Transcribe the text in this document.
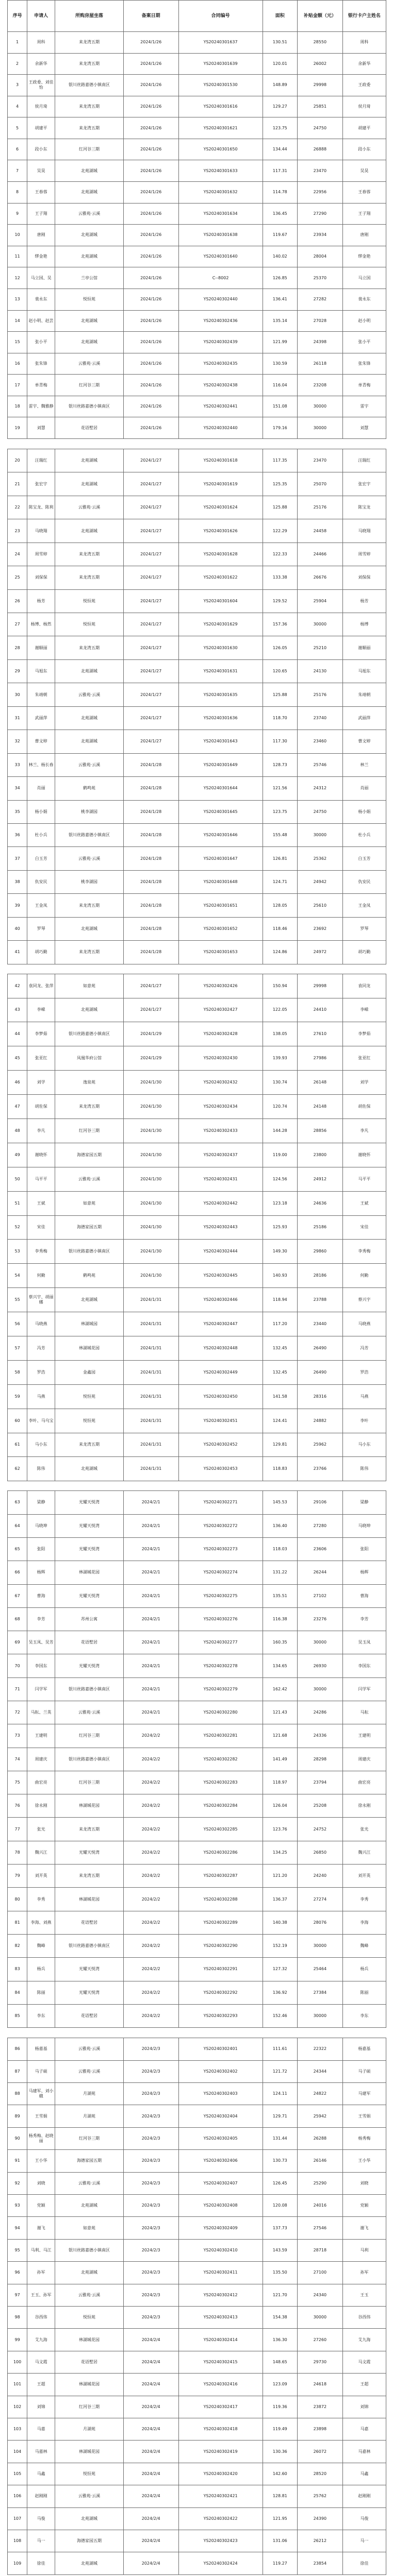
序号	申请人	所购房屋坐落	备案日期	合同编号	面积	补贴金额（元）	银行卡户主姓名
1	周科	来龙湾五期	2024/1/26	YS20240301637	130.51	28550	周科
2	余新华	来龙湾五期	2024/1/26	YS20240301639	120.01	26002	余新华
3	王政委、刘佳怡	银川丝路嘉德小镇南区	2024/1/26	YS20240301530	148.89	29998	王政委
4	侯月琦	来龙湾五期	2024/1/26	YS20240301616	129.27	25851	侯月琦
5	胡建平	来龙湾五期	2024/1/26	YS20240301621	123.75	24750	胡建平
6	段小东	红河谷三期	2024/1/26	YS20240301650	134.44	26888	段小东
7	吴昊	北苑湖城	2024/1/26	YS20240301633	117.31	23470	吴昊
8	王春蓉	北苑湖城	2024/1/26	YS20240301632	114.78	22956	王春蓉
9	王子翔	云雅苑·云溪	2024/1/26	YS20240301634	136.45	27290	王子翔
10	唐刚	北苑湖城	2024/1/26	YS20240301638	119.67	23934	唐刚
11	缪金艳	北苑湖城	2024/1/26	YS20240301640	140.02	28004	缪金艳
12	马立国、吴	兰亭公馆	2024/1/26	C--8002	126.85	25370	马立国
13	裴永东	悦恒苑	2024/1/26	YS20240302440	136.41	27282	裴永东
14	赵小明、赵芸	北苑湖城	2024/1/26	YS20240302436	135.14	27028	赵小明
15	张小平	北苑湖城	2024/1/26	YS20240302439	121.99	24398	张小平
16	张朱锋	云雅苑·云溪	2024/1/26	YS20240302435	130.59	26118	张朱锋
17	单青梅	红河谷三期	2024/1/26	YS20240302438	116.04	23208	单青梅
18	雷宇、魏雅静	银川丝路嘉德小镇南区	2024/1/26	YS20240302441	151.08	30000	雷宇
19	刘慧	花语墅居	2024/1/26	YS20240302440	179.16	30000	刘慧
20	汪瑞红	北苑湖城	2024/1/27	YS20240301618	117.35	23470	汪瑞红
21	张宏宇	北苑湖城	2024/1/27	YS20240301619	125.35	25070	张宏宇
22	陈宝龙、陈利	云雅苑·云溪	2024/1/27	YS20240301624	125.88	25176	陈宝龙
23	马晓翔	北苑湖城	2024/1/27	YS20240301626	122.29	24458	马晓翔
24	周雪婷	来龙湾五期	2024/1/27	YS20240301628	122.33	24466	周雪婷
25	刘保保	来龙湾五期	2024/1/27	YS20240301622	133.38	26676	刘保保
26	杨芳	悦恒苑	2024/1/27	YS20240301604	129.52	25904	杨芳
27	杨博、杨然	悦恒苑	2024/1/27	YS20240301629	157.36	30000	杨博
28	谢顺丽	来龙湾五期	2024/1/27	YS20240301630	126.05	25210	谢顺丽
29	马旭东	北苑湖城	2024/1/27	YS20240301631	120.65	24130	马旭东
30	朱靖朝	云雅苑·云溪	2024/1/27	YS20240301635	125.88	25176	朱靖朝
31	武丽萍	北苑湖城	2024/1/27	YS20240301636	118.70	23740	武丽萍
32	曹文婷	北苑湖城	2024/1/27	YS20240301643	117.30	23460	曹文婷
33	林兰、杨长春	云雅苑·云溪	2024/1/28	YS20240301649	128.73	25746	林兰
34	肖丽	鹤鸣苑	2024/1/28	YS20240301644	121.56	24312	肖丽
35	杨小娟	桃李湖园	2024/1/28	YS20240301645	123.75	24750	杨小娟
36	杜小兵	银川丝路嘉德小镇南区	2024/1/28	YS20240301646	155.48	30000	杜小兵
37	白玉芳	云雅苑·云溪	2024/1/28	YS20240301647	126.81	25362	白玉芳
38	仇安民	桃李湖园	2024/1/28	YS20240301648	124.71	24942	仇安民
39	王金凤	来龙湾五期	2024/1/28	YS20240301651	128.05	25610	王金凤
40	罗琴	北苑湖城	2024/1/28	YS20240301652	118.46	23692	罗琴
41	胡巧勤	来龙湾五期	2024/1/28	YS20240301653	124.86	24972	胡巧勤
42	袁同龙、张萍	如意苑	2024/1/27	YS20240302426	150.94	29998	袁同龙
43	李嵘	北苑湖城	2024/1/27	YS20240302427	122.05	24410	李嵘
44	李梦茹	银川丝路嘉德小镇南区	2024/1/29	YS20240302428	138.05	27610	李梦茹
45	张亚红	凤凰华府公馆	2024/1/29	YS20240302430	139.93	27986	张亚红
46	刘学	逸泉苑	2024/1/30	YS20240302432	130.74	26148	刘学
47	胡佐保	来龙湾五期	2024/1/30	YS20240302434	120.74	24148	胡佐保
48	李凡	红河谷三期	2024/1/30	YS20240302433	144.28	28856	李凡
49	谢晓怀	海德家园五期	2024/1/30	YS20240302437	119.00	23800	谢晓怀
50	马平平	云雅苑·云溪	2024/1/30	YS20240302431	124.56	24912	马平平
51	王斌	如意苑	2024/1/30	YS20240302442	123.18	24636	王斌
52	宋佳	海德家园五期	2024/1/30	YS20240302443	125.93	25186	宋佳
53	李秀梅	银川丝路嘉德小镇南区	2024/1/30	YS20240302444	149.30	29860	李秀梅
54	何勤	鹤鸣苑	2024/1/30	YS20240302445	140.93	28186	何勤
55	蔡兴宇、胡丽娜	北苑湖城	2024/1/31	YS20240302446	118.94	23788	蔡兴宇
56	马晓燕	林湖城园	2024/1/31	YS20240302447	117.20	23440	马晓燕
57	冯芳	林湖城花园	2024/1/31	YS20240302448	132.45	26490	冯芳
58	罗浩	金鑫园	2024/1/31	YS20240302449	132.45	26490	罗浩
59	马燕	悦恒苑	2024/1/31	YS20240302450	141.58	28316	马燕
60	李叶、马乌宝	悦恒苑	2024/1/31	YS20240302451	124.41	24882	李叶
61	马小东	来龙湾五期	2024/1/31	YS20240302452	129.81	25962	马小东
62	陈伟	北苑湖城	2024/1/31	YS20240302453	118.83	23766	陈伟
63	梁静	光耀天悦湾	2024/2/1	YS20240302271	145.53	29106	梁静
64	马晓坤	光耀天悦湾	2024/2/1	YS20240302272	136.40	27280	马晓坤
65	张阳	光耀天悦湾	2024/2/1	YS20240302273	118.03	23606	张阳
66	杨辉	林湖城花园	2024/2/1	YS20240302274	131.22	26244	杨辉
67	曹海	光耀天悦湾	2024/2/1	YS20240302275	135.51	27102	曹海
68	李芳	苏州公寓	2024/2/1	YS20240302276	116.38	23276	李芳
69	吴玉凤、吴芳	花语墅居	2024/2/1	YS20240302277	160.35	30000	吴玉凤
70	李国东	光耀天悦湾	2024/2/1	YS20240302278	134.65	26930	李国东
71	闫学军	银川丝路嘉德小镇南区	2024/2/1	YS20240302279	162.42	30000	闫学军
72	马耘、兰英	云雅苑·云溪	2024/2/1	YS20240302280	121.43	24286	马耘
73	王建明	红河谷三期	2024/2/2	YS20240302281	121.68	24336	王建明
74	周建庆	银川丝路嘉德小镇南区	2024/2/2	YS20240302282	141.49	28298	周建庆
75	曲宏亮	红河谷三期	2024/2/2	YS20240302283	118.97	23794	曲宏亮
76	徐永刚	林湖城花园	2024/2/2	YS20240302284	126.04	25208	徐永刚
77	张光	来龙湾五期	2024/2/2	YS20240302285	123.76	24752	张光
78	魏兴江	光耀天悦湾	2024/2/2	YS20240302286	134.25	26850	魏兴江
79	刘开英	来龙湾五期	2024/2/2	YS20240302287	121.20	24240	刘开英
80	李秀	林湖城花园	2024/2/2	YS20240302288	136.37	27274	李秀
81	李海、刘燕	花语墅居	2024/2/2	YS20240302289	140.38	28076	李海
82	魏峰	银川丝路嘉德小镇南区	2024/2/2	YS20240302290	152.19	30000	魏峰
83	杨兵	光耀天悦湾	2024/2/2	YS20240302291	127.32	25464	杨兵
84	陈丽	光耀天悦湾	2024/2/2	YS20240302292	136.92	27384	陈丽
85	李东	花语墅居	2024/2/2	YS20240302293	152.46	30000	李东
86	杨嘉基	云雅苑·云溪	2024/2/3	YS20240302401	111.61	22322	杨嘉基
87	马子硕	云雅苑·云溪	2024/2/3	YS20240302402	121.72	24344	马子硕
88	马建军、刘小娥	月湖苑	2024/2/3	YS20240302403	124.11	24822	马建军
89	王雪娟	月湖苑	2024/2/3	YS20240302404	129.71	25942	王雪娟
90	杨秀梅、赵晓丽	红河谷三期	2024/2/3	YS20240302405	131.44	26288	杨秀梅
91	王小华	海德家园五期	2024/2/3	YS20240302406	130.73	26146	王小华
92	刘晓	云雅苑·云溪	2024/2/3	YS20240302407	126.45	25290	刘晓
93	党颖	北苑湖城	2024/2/3	YS20240302408	120.08	24016	党颖
94	谢飞	如意苑	2024/2/3	YS20240302409	137.73	27546	谢飞
95	马利、马江	银川丝路嘉德小镇南区	2024/2/3	YS20240302410	143.59	28718	马利
96	孙军	北苑湖城	2024/2/3	YS20240302411	135.50	27100	孙军
97	王玉、孙军	云雅苑·云溪	2024/2/3	YS20240302412	121.70	24340	王玉
98	谷西伟	悦恒苑	2024/2/3	YS20240302413	154.38	30000	谷西伟
99	艾九海	林湖城花园	2024/2/4	YS20240302414	136.30	27260	艾九海
100	马文霞	花语墅居	2024/2/4	YS20240302415	148.65	29730	马文霞
101	王超	林湖城花园	2024/2/4	YS20240302416	123.09	24618	王超
102	刘锦	红河谷三期	2024/2/4	YS20240302417	119.36	23872	刘锦
103	马嘉	月湖苑	2024/2/4	YS20240302418	119.49	23898	马嘉
104	马嘉林	林湖城花园	2024/2/4	YS20240302419	130.36	26072	马嘉林
105	马鑫	悦恒苑	2024/2/4	YS20240302420	142.60	28520	马鑫
106	赵刚刚	云雅苑·云溪	2024/2/4	YS20240302421	128.81	25762	赵刚刚
107	马俊	北苑湖城	2024/2/4	YS20240302422	121.95	24390	马俊
108	马一	海德家园五期	2024/2/4	YS20240302423	131.06	26212	马一
109	徐佳	北苑湖城	2024/2/4	YS20240302424	119.27	23854	徐佳
